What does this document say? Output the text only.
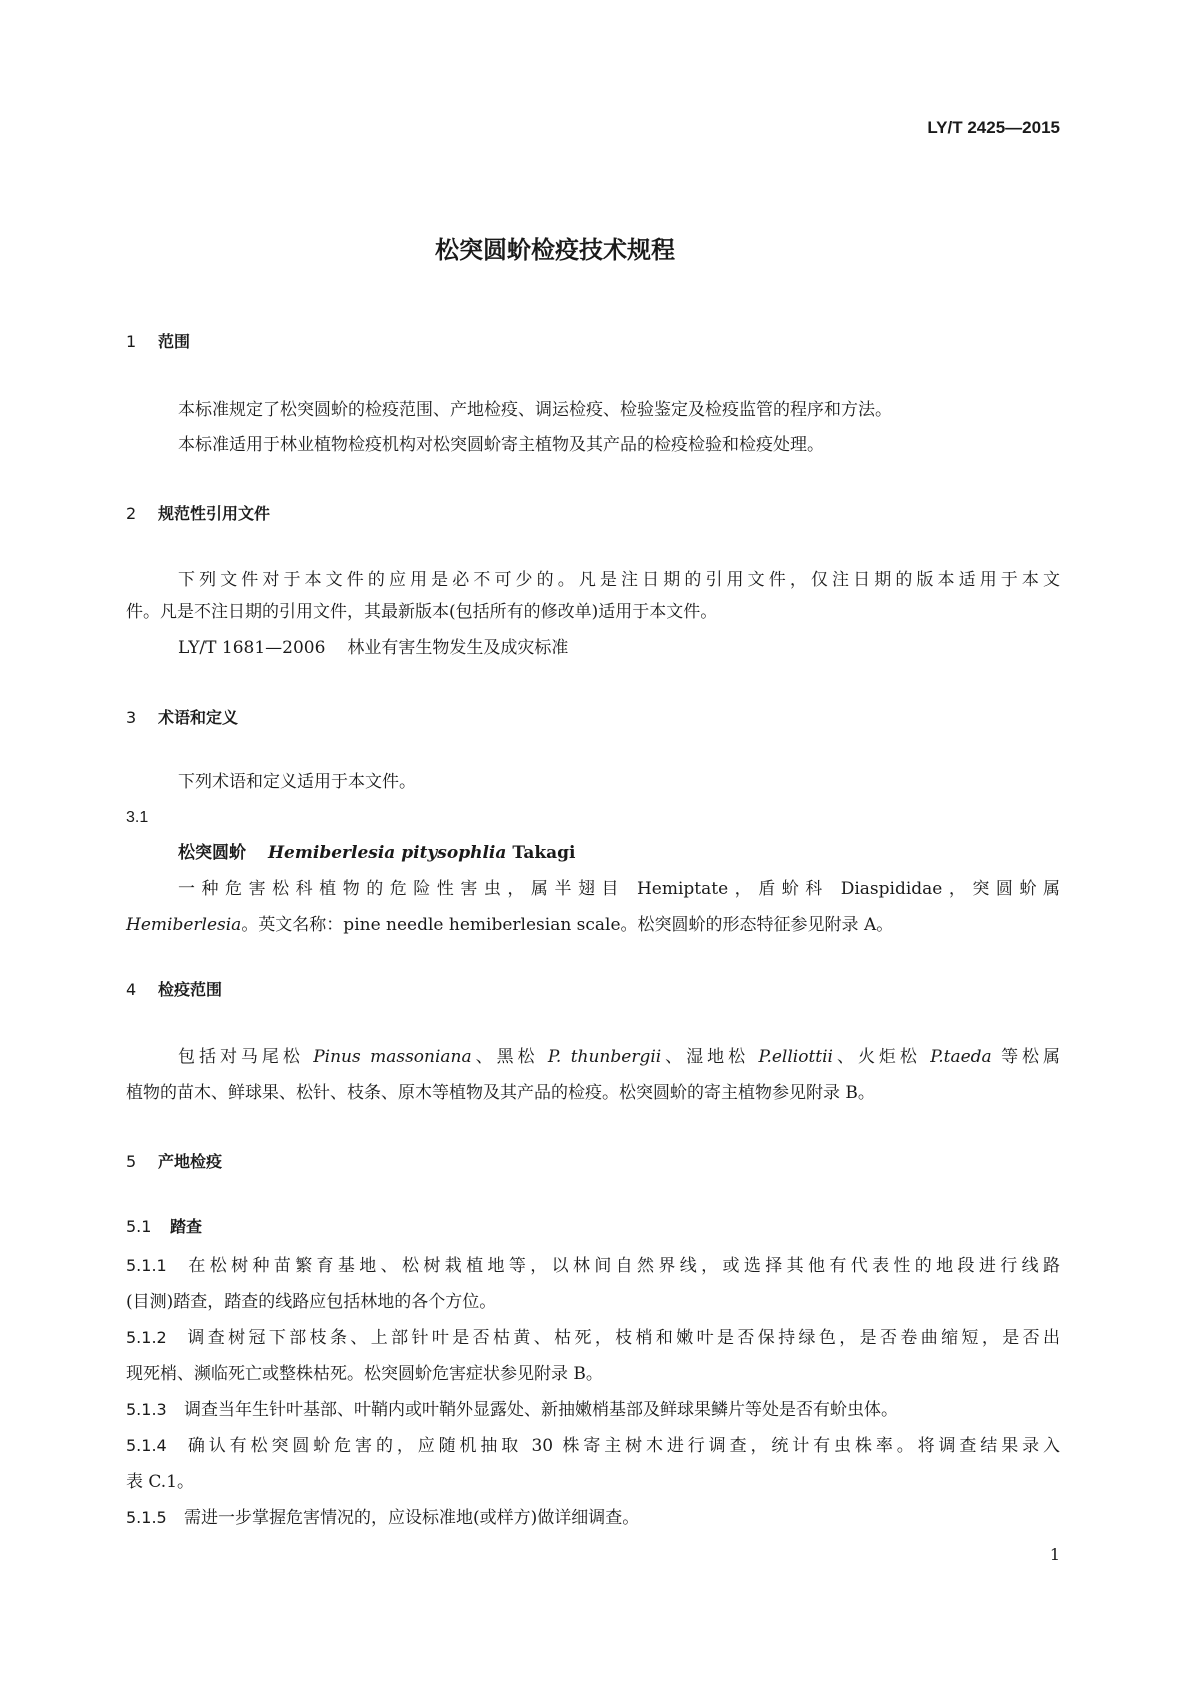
LY/T 2425—2015
松突圆蚧检疫技术规程
1 范围
本标准规定了松突圆蚧的检疫范围、产地检疫、调运检疫、检验鉴定及检疫监管的程序和方法。
本标准适用于林业植物检疫机构对松突圆蚧寄主植物及其产品的检疫检验和检疫处理。
2 规范性引用文件
下列文件对于本文件的应用是必不可少的。凡是注日期的引用文件，仅注日期的版本适用于本文
件。凡是不注日期的引用文件，其最新版本(包括所有的修改单)适用于本文件。
LY/T 1681—2006 林业有害生物发生及成灾标准
3 术语和定义
下列术语和定义适用于本文件。
3.1
松突圆蚧 Hemiberlesia pitysophlia Takagi
一种危害松科植物的危险性害虫，属半翅目 Hemiptate，盾蚧科 Diaspididae，突圆蚧属
Hemiberlesia。英文名称：pine needle hemiberlesian scale。松突圆蚧的形态特征参见附录 A。
4 检疫范围
包括对马尾松 Pinus massoniana、黑松 P. thunbergii、湿地松 P.elliottii、火炬松 P.taeda 等松属
植物的苗木、鲜球果、松针、枝条、原木等植物及其产品的检疫。松突圆蚧的寄主植物参见附录 B。
5 产地检疫
5.1 踏查
5.1.1 在松树种苗繁育基地、松树栽植地等，以林间自然界线，或选择其他有代表性的地段进行线路
(目测)踏查，踏查的线路应包括林地的各个方位。
5.1.2 调查树冠下部枝条、上部针叶是否枯黄、枯死，枝梢和嫩叶是否保持绿色，是否卷曲缩短，是否出
现死梢、濒临死亡或整株枯死。松突圆蚧危害症状参见附录 B。
5.1.3 调查当年生针叶基部、叶鞘内或叶鞘外显露处、新抽嫩梢基部及鲜球果鳞片等处是否有蚧虫体。
5.1.4 确认有松突圆蚧危害的，应随机抽取 30 株寄主树木进行调查，统计有虫株率。将调查结果录入
表 C.1。
5.1.5 需进一步掌握危害情况的，应设标准地(或样方)做详细调查。
1
